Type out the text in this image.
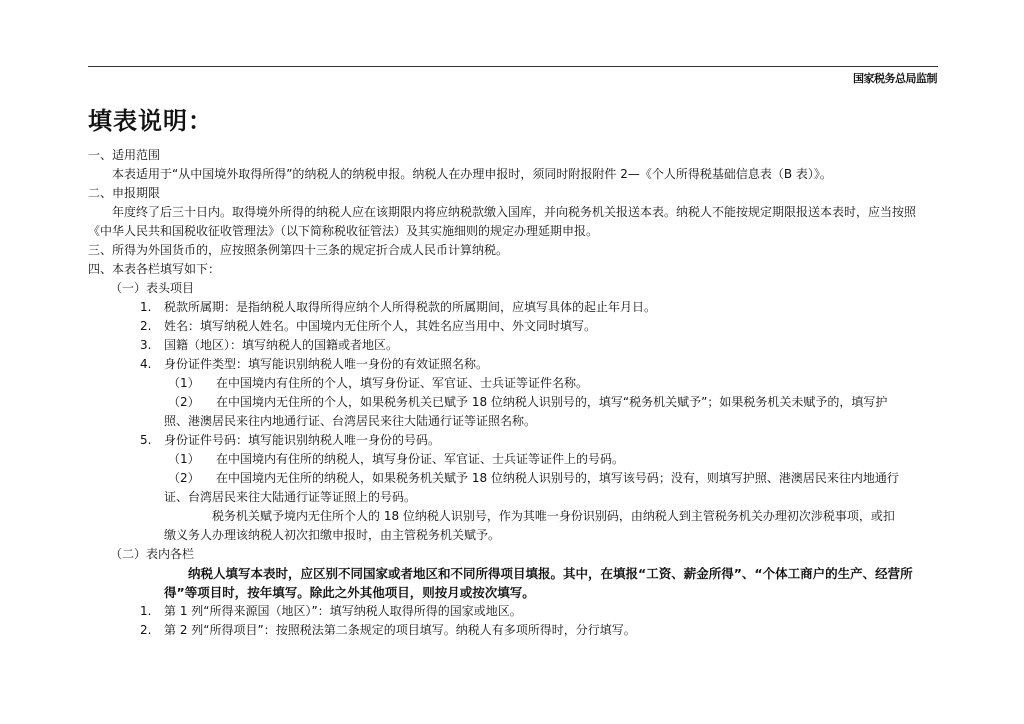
国家税务总局监制
填表说明：
一、适用范围
本表适用于“从中国境外取得所得”的纳税人的纳税申报。纳税人在办理申报时，须同时附报附件 2—《个人所得税基础信息表（B 表）》。
二、申报期限
年度终了后三十日内。取得境外所得的纳税人应在该期限内将应纳税款缴入国库，并向税务机关报送本表。纳税人不能按规定期限报送本表时，应当按照《中华人民共和国税收征收管理法》（以下简称税收征管法）及其实施细则的规定办理延期申报。
三、所得为外国货币的，应按照条例第四十三条的规定折合成人民币计算纳税。
四、本表各栏填写如下：
（一）表头项目
1. 税款所属期：是指纳税人取得所得应纳个人所得税款的所属期间，应填写具体的起止年月日。
2. 姓名：填写纳税人姓名。中国境内无住所个人，其姓名应当用中、外文同时填写。
3. 国籍（地区）：填写纳税人的国籍或者地区。
4. 身份证件类型：填写能识别纳税人唯一身份的有效证照名称。
（1） 在中国境内有住所的个人，填写身份证、军官证、士兵证等证件名称。
（2） 在中国境内无住所的个人，如果税务机关已赋予 18 位纳税人识别号的，填写“税务机关赋予”；如果税务机关未赋予的，填写护
照、港澳居民来往内地通行证、台湾居民来往大陆通行证等证照名称。
5. 身份证件号码：填写能识别纳税人唯一身份的号码。
（1） 在中国境内有住所的纳税人，填写身份证、军官证、士兵证等证件上的号码。
（2） 在中国境内无住所的纳税人，如果税务机关赋予 18 位纳税人识别号的，填写该号码；没有，则填写护照、港澳居民来往内地通行
证、台湾居民来往大陆通行证等证照上的号码。
税务机关赋予境内无住所个人的 18 位纳税人识别号，作为其唯一身份识别码，由纳税人到主管税务机关办理初次涉税事项，或扣
缴义务人办理该纳税人初次扣缴申报时，由主管税务机关赋予。
（二）表内各栏
纳税人填写本表时，应区别不同国家或者地区和不同所得项目填报。其中，在填报“工资、薪金所得”、“个体工商户的生产、经营所
得”等项目时，按年填写。除此之外其他项目，则按月或按次填写。
1. 第 1 列“所得来源国（地区）”：填写纳税人取得所得的国家或地区。
2. 第 2 列“所得项目”：按照税法第二条规定的项目填写。纳税人有多项所得时，分行填写。
